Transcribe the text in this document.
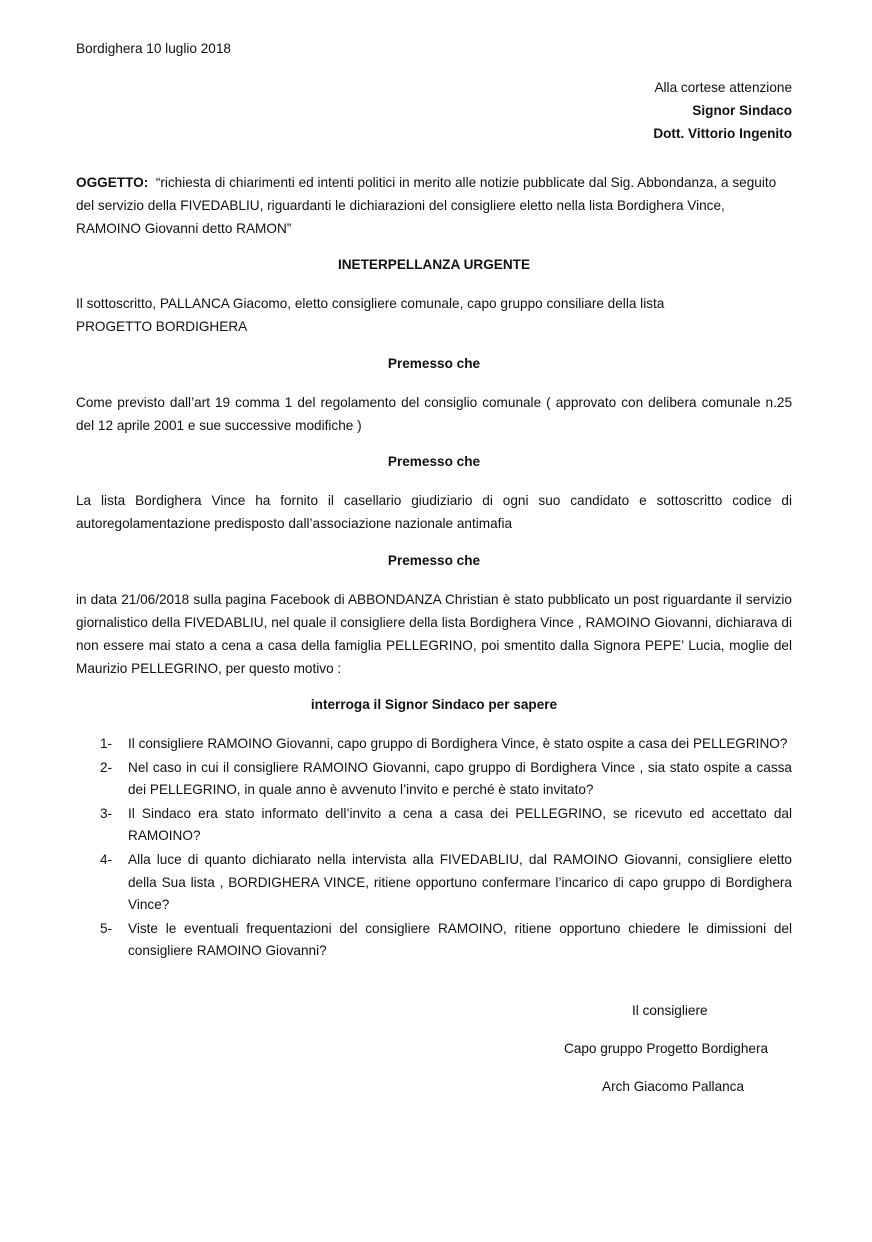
Bordighera 10 luglio 2018
Alla cortese attenzione
Signor Sindaco
Dott. Vittorio Ingenito
OGGETTO: “richiesta di chiarimenti ed intenti politici in merito alle notizie pubblicate dal Sig. Abbondanza, a seguito del servizio della FIVEDABLIU, riguardanti le dichiarazioni del consigliere eletto nella lista Bordighera Vince, RAMOINO Giovanni detto RAMON”
INETERPELLANZA URGENTE
Il sottoscritto, PALLANCA Giacomo, eletto consigliere comunale, capo gruppo consiliare della lista PROGETTO BORDIGHERA
Premesso che
Come previsto dall’art 19 comma 1 del regolamento del consiglio comunale ( approvato con delibera comunale n.25 del 12 aprile 2001 e sue successive modifiche )
Premesso che
La lista Bordighera Vince ha fornito il casellario giudiziario di ogni suo candidato e sottoscritto codice di autoregolamentazione predisposto dall’associazione nazionale antimafia
Premesso che
in data 21/06/2018 sulla pagina Facebook di ABBONDANZA Christian è stato pubblicato un post riguardante il servizio giornalistico della FIVEDABLIU, nel quale il consigliere della lista Bordighera Vince , RAMOINO Giovanni, dichiarava di non essere mai stato a cena a casa della famiglia PELLEGRINO, poi smentito dalla Signora PEPE’ Lucia, moglie del Maurizio PELLEGRINO, per questo motivo :
interroga il Signor Sindaco per sapere
1- Il consigliere RAMOINO Giovanni, capo gruppo di Bordighera Vince, è stato ospite a casa dei PELLEGRINO?
2- Nel caso in cui il consigliere RAMOINO Giovanni, capo gruppo di Bordighera Vince , sia stato ospite a cassa dei PELLEGRINO, in quale anno è avvenuto l’invito e perché è stato invitato?
3- Il Sindaco era stato informato dell’invito a cena a casa dei PELLEGRINO, se ricevuto ed accettato dal RAMOINO?
4- Alla luce di quanto dichiarato nella intervista alla FIVEDABLIU, dal RAMOINO Giovanni, consigliere eletto della Sua lista , BORDIGHERA VINCE, ritiene opportuno confermare l’incarico di capo gruppo di Bordighera Vince?
5- Viste le eventuali frequentazioni del consigliere RAMOINO, ritiene opportuno chiedere le dimissioni del consigliere RAMOINO Giovanni?
Il consigliere
Capo gruppo Progetto Bordighera
Arch Giacomo Pallanca
